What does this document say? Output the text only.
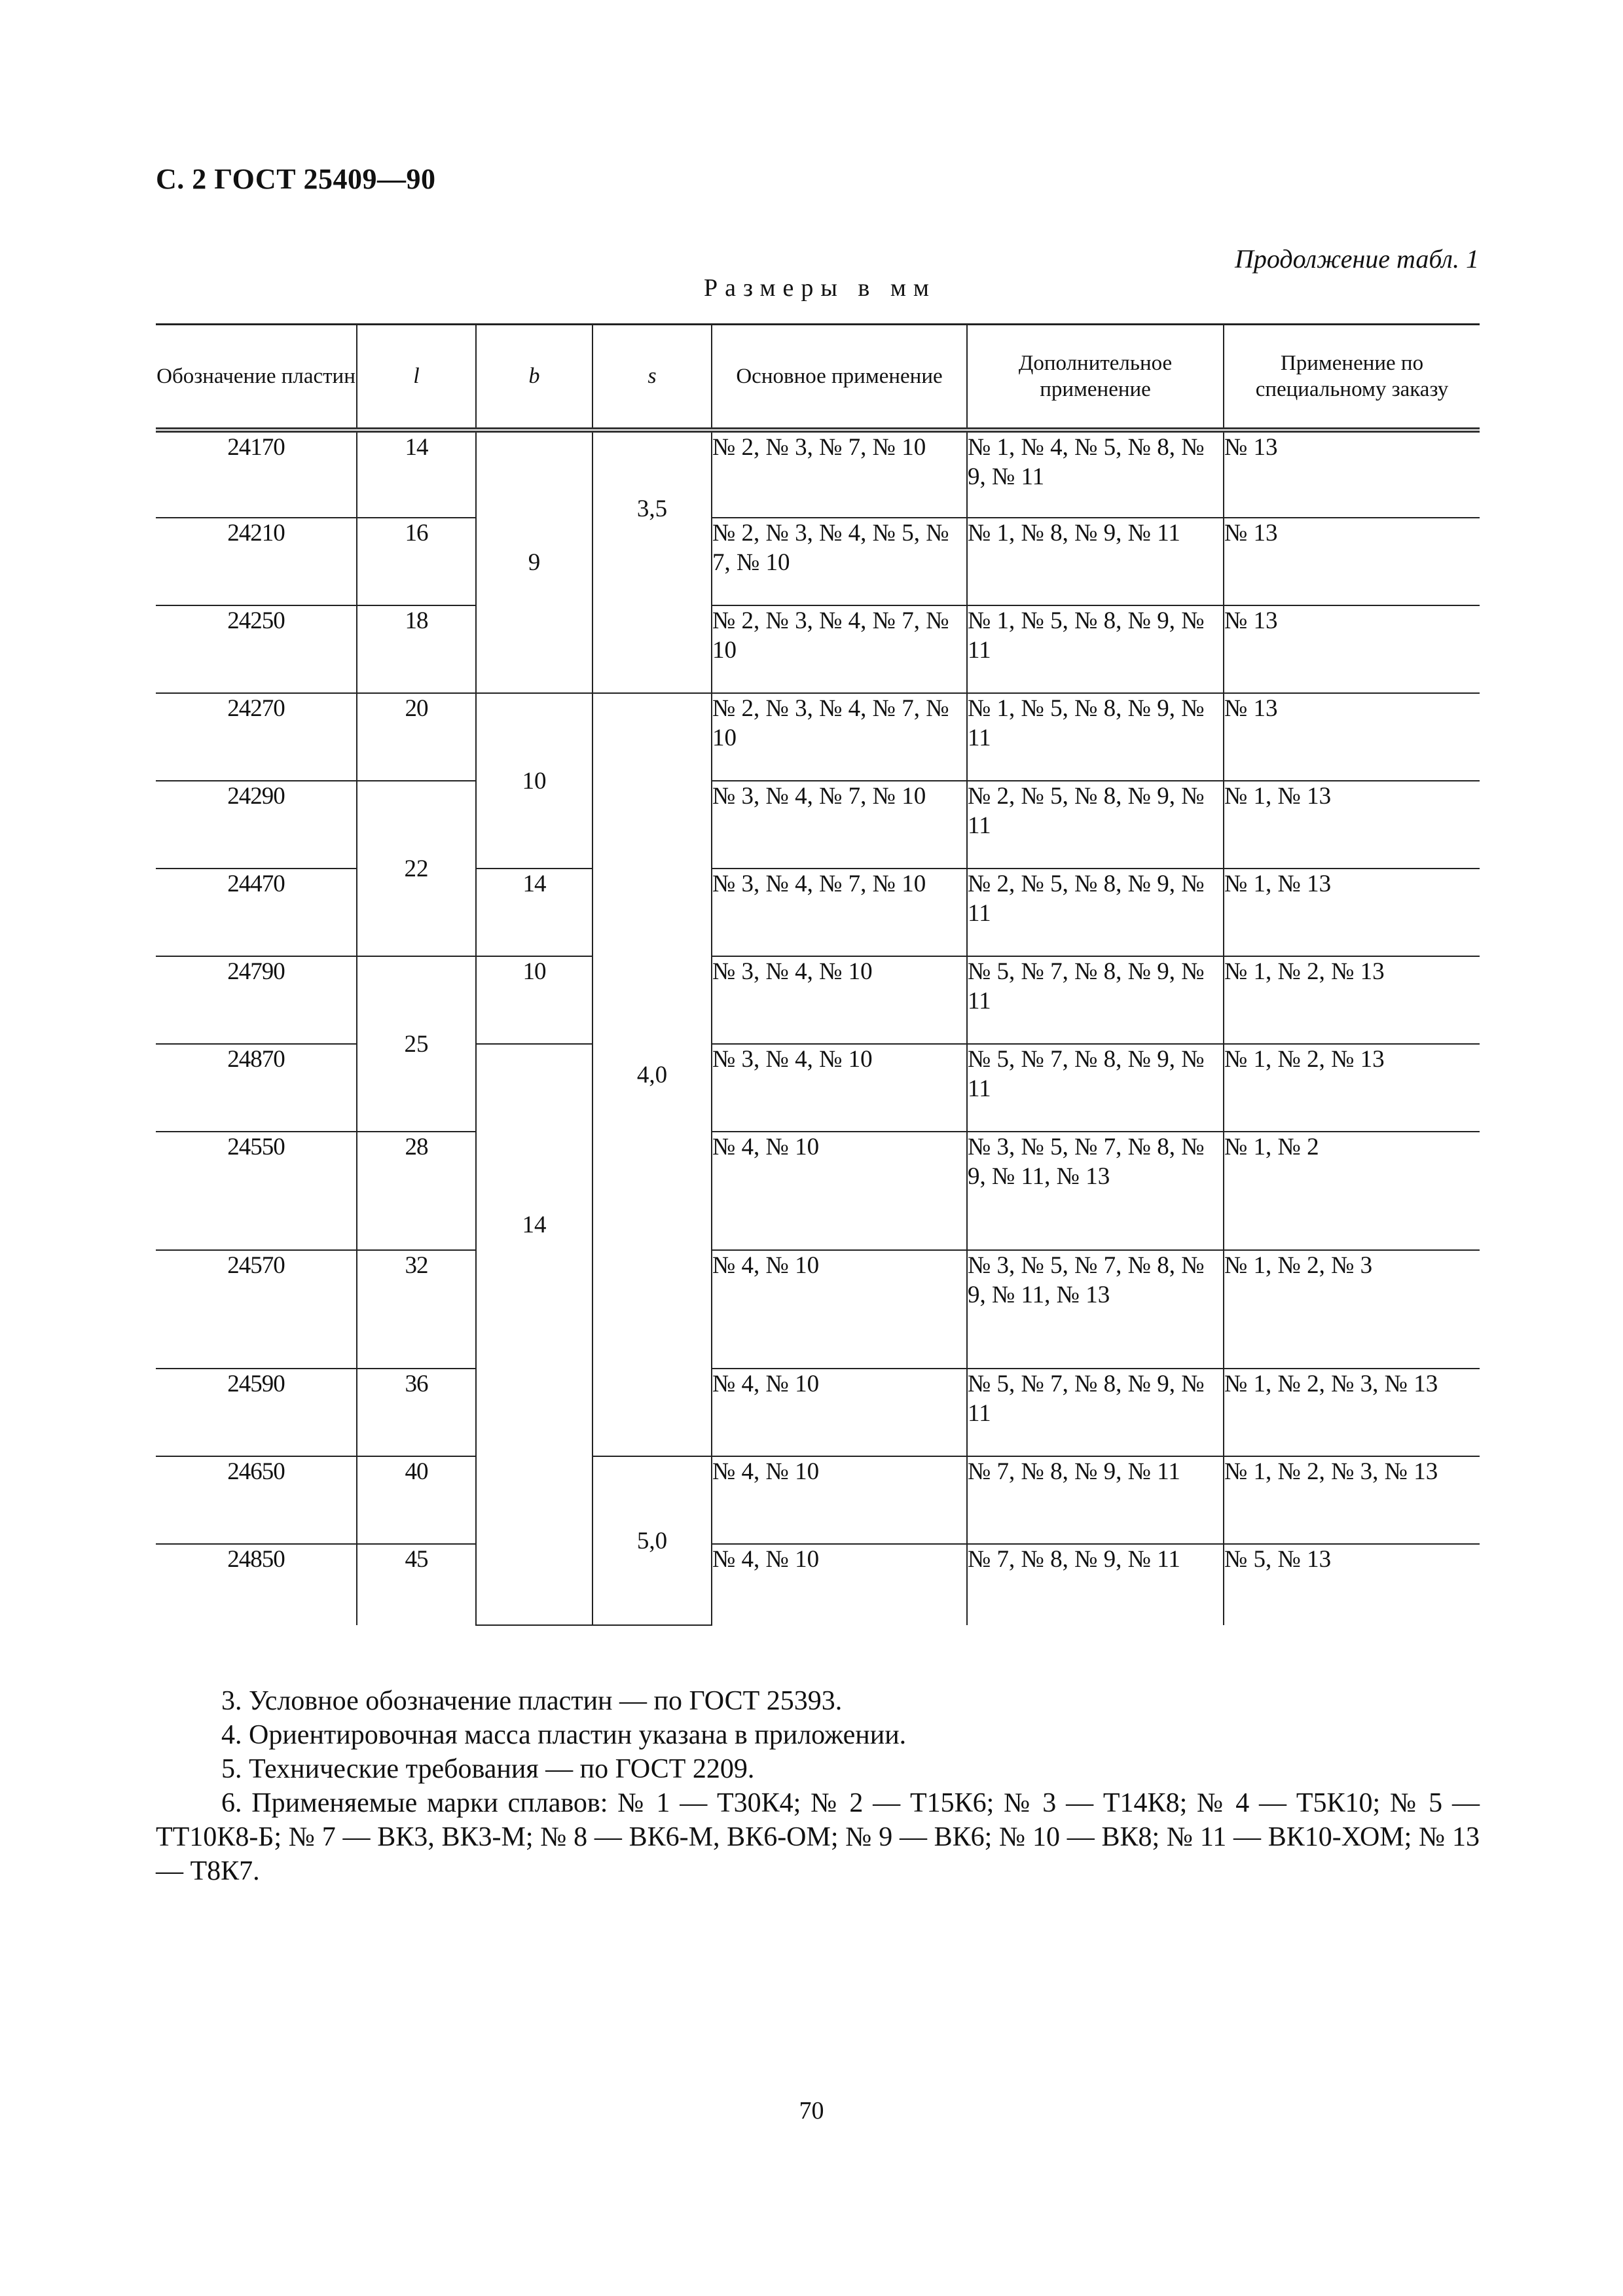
С. 2 ГОСТ 25409—90
Продолжение табл. 1
Размеры в мм
Обозначение пластин	l	b	s	Основное применение	Дополнительное применение	Применение по специальному заказу
24170	14	9	3,5	№ 2, № 3, № 7, № 10	№ 1, № 4, № 5, № 8, № 9, № 11	№ 13
24210	16			№ 2, № 3, № 4, № 5, № 7, № 10	№ 1, № 8, № 9, № 11	№ 13
24250	18			№ 2, № 3, № 4, № 7, № 10	№ 1, № 5, № 8, № 9, № 11	№ 13
24270	20	10	4,0	№ 2, № 3, № 4, № 7, № 10	№ 1, № 5, № 8, № 9, № 11	№ 13
24290	22			№ 3, № 4, № 7, № 10	№ 2, № 5, № 8, № 9, № 11	№ 1, № 13
24470		14		№ 3, № 4, № 7, № 10	№ 2, № 5, № 8, № 9, № 11	№ 1, № 13
24790	25	10		№ 3, № 4, № 10	№ 5, № 7, № 8, № 9, № 11	№ 1, № 2, № 13
24870		14		№ 3, № 4, № 10	№ 5, № 7, № 8, № 9, № 11	№ 1, № 2, № 13
24550	28			№ 4, № 10	№ 3, № 5, № 7, № 8, № 9, № 11, № 13	№ 1, № 2
24570	32			№ 4, № 10	№ 3, № 5, № 7, № 8, № 9, № 11, № 13	№ 1, № 2, № 3
24590	36			№ 4, № 10	№ 5, № 7, № 8, № 9, № 11	№ 1, № 2, № 3, № 13
24650	40		5,0	№ 4, № 10	№ 7, № 8, № 9, № 11	№ 1, № 2, № 3, № 13
24850	45			№ 4, № 10	№ 7, № 8, № 9, № 11	№ 5, № 13

3. Условное обозначение пластин — по ГОСТ 25393.

4. Ориентировочная масса пластин указана в приложении.

5. Технические требования — по ГОСТ 2209.

6. Применяемые марки сплавов: № 1 — Т30К4; № 2 — Т15К6; № 3 — Т14К8; № 4 — Т5К10; № 5 — ТТ10К8-Б; № 7 — ВК3, ВК3-М; № 8 — ВК6-М, ВК6-ОМ; № 9 — ВК6; № 10 — ВК8; № 11 — ВК10-ХОМ; № 13 — Т8К7.

70
